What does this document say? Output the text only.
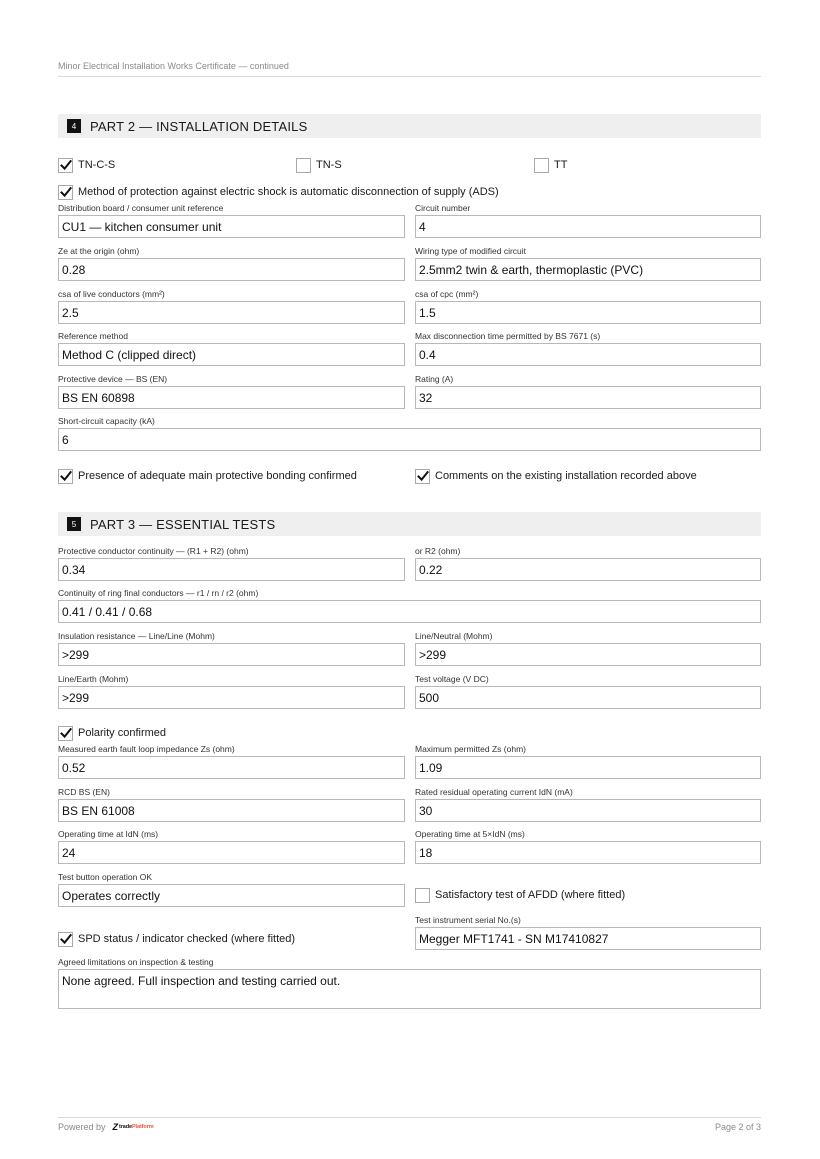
Minor Electrical Installation Works Certificate — continued
4	PART 2 — INSTALLATION DETAILS
TN-C-S	TN-S	TT
Method of protection against electric shock is automatic disconnection of supply (ADS)
Distribution board / consumer unit reference
CU1 — kitchen consumer unit
Circuit number
4
Ze at the origin (ohm)
0.28
Wiring type of modified circuit
2.5mm2 twin & earth, thermoplastic (PVC)
csa of live conductors (mm²)
2.5
csa of cpc (mm²)
1.5
Reference method
Method C (clipped direct)
Max disconnection time permitted by BS 7671 (s)
0.4
Protective device — BS (EN)
BS EN 60898
Rating (A)
32
Short-circuit capacity (kA)
6
Presence of adequate main protective bonding confirmed	Comments on the existing installation recorded above
5	PART 3 — ESSENTIAL TESTS
Protective conductor continuity — (R1 + R2) (ohm)
0.34
or R2 (ohm)
0.22
Continuity of ring final conductors — r1 / rn / r2 (ohm)
0.41 / 0.41 / 0.68
Insulation resistance — Line/Line (Mohm)
>299
Line/Neutral (Mohm)
>299
Line/Earth (Mohm)
>299
Test voltage (V DC)
500
Polarity confirmed
Measured earth fault loop impedance Zs (ohm)
0.52
Maximum permitted Zs (ohm)
1.09
RCD BS (EN)
BS EN 61008
Rated residual operating current IdN (mA)
30
Operating time at IdN (ms)
24
Operating time at 5×IdN (ms)
18
Test button operation OK
Operates correctly	Satisfactory test of AFDD (where fitted)
SPD status / indicator checked (where fitted)
Test instrument serial No.(s)
Megger MFT1741 - SN M17410827
Agreed limitations on inspection & testing
None agreed. Full inspection and testing carried out.
Powered by Z tradePlatform	Page 2 of 3
